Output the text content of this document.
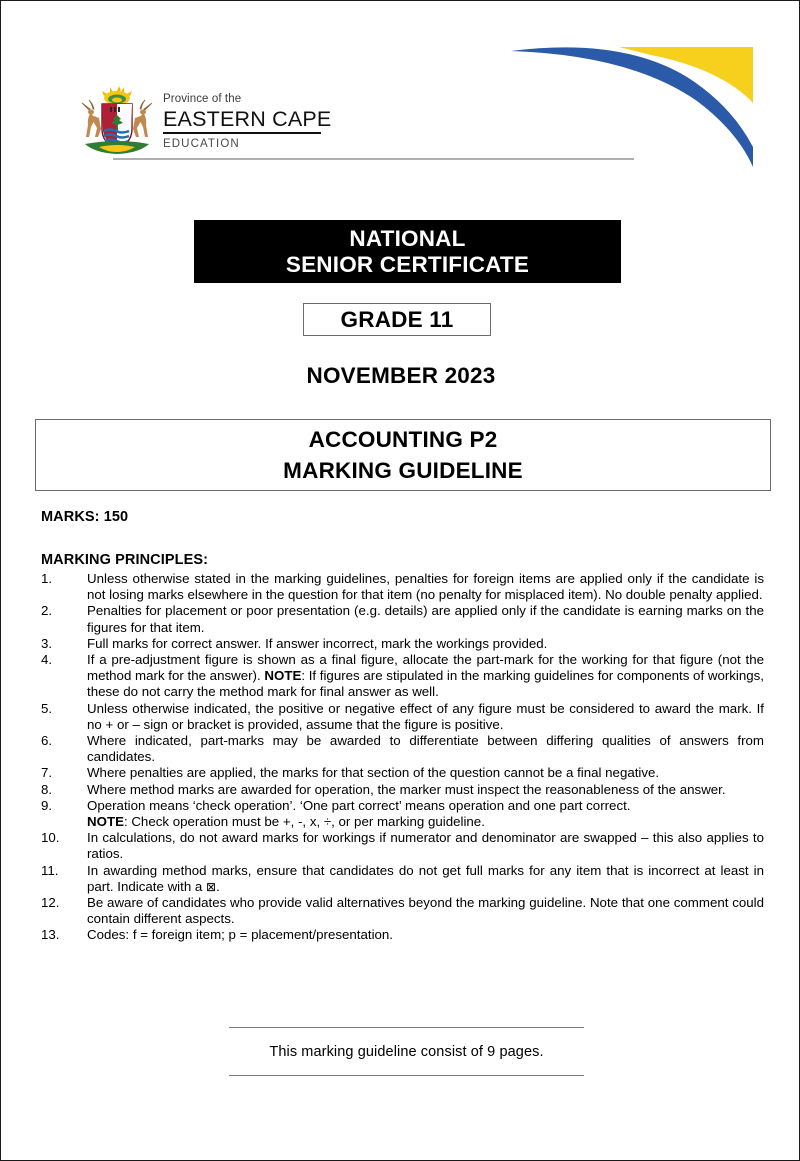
Province of the
EASTERN CAPE
EDUCATION
NATIONAL
SENIOR CERTIFICATE
GRADE 11
NOVEMBER 2023
ACCOUNTING P2
MARKING GUIDELINE
MARKS: 150
MARKING PRINCIPLES:
1.	Unless otherwise stated in the marking guidelines, penalties for foreign items are applied only if the candidate is not losing marks elsewhere in the question for that item (no penalty for misplaced item). No double penalty applied.
2.	Penalties for placement or poor presentation (e.g. details) are applied only if the candidate is earning marks on the figures for that item.
3.	Full marks for correct answer. If answer incorrect, mark the workings provided.
4.	If a pre-adjustment figure is shown as a final figure, allocate the part-mark for the working for that figure (not the method mark for the answer). NOTE: If figures are stipulated in the marking guidelines for components of workings, these do not carry the method mark for final answer as well.
5.	Unless otherwise indicated, the positive or negative effect of any figure must be considered to award the mark. If no + or – sign or bracket is provided, assume that the figure is positive.
6.	Where indicated, part-marks may be awarded to differentiate between differing qualities of answers from candidates.
7.	Where penalties are applied, the marks for that section of the question cannot be a final negative.
8.	Where method marks are awarded for operation, the marker must inspect the reasonableness of the answer.
9.	Operation means ‘check operation’. ‘One part correct’ means operation and one part correct.
NOTE: Check operation must be +, -, x, ÷, or per marking guideline.
10.	In calculations, do not award marks for workings if numerator and denominator are swapped – this also applies to ratios.
11.	In awarding method marks, ensure that candidates do not get full marks for any item that is incorrect at least in part. Indicate with a ⊠.
12.	Be aware of candidates who provide valid alternatives beyond the marking guideline. Note that one comment could contain different aspects.
13.	Codes: f = foreign item; p = placement/presentation.
This marking guideline consist of 9 pages.
